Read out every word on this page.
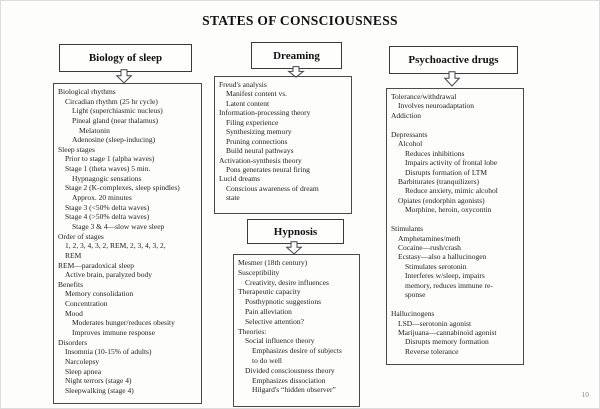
STATES OF CONSCIOUSNESS
Biology of sleep
Biological rhythms
Circadian rhythm (25 hr cycle)
Light (superchiasmic nucleus)
Pineal gland (near thalamus)
Melatonin
Adenosine (sleep-inducing)
Sleep stages
Prior to stage 1 (alpha waves)
Stage 1 (theta waves) 5 min.
Hypnagogic sensations
Stage 2 (K-complexes, sleep spindles)
Approx. 20 minutes
Stage 3 (<50% delta waves)
Stage 4 (>50% delta waves)
Stage 3 & 4—slow wave sleep
Order of stages
1, 2, 3, 4, 3, 2, REM, 2, 3, 4, 3, 2,
REM
REM—paradoxical sleep
Active brain, paralyzed body
Benefits
Memory consolidation
Concentration
Mood
Moderates hunger/reduces obesity
Improves immune response
Disorders
Insomnia (10-15% of adults)
Narcolepsy
Sleep apnea
Night terrors (stage 4)
Sleepwalking (stage 4)
Dreaming
Freud's analysis
Manifest content vs.
Latent content
Information-processing theory
Filing experience
Synthesizing memory
Pruning connections
Build neural pathways
Activation-synthesis theory
Pons generates neural firing
Lucid dreams
Conscious awareness of dream
state
Hypnosis
Mesmer (18th century)
Susceptibility
Creativity, desire influences
Therapeutic capacity
Posthypnotic suggestions
Pain alleviation
Selective attention?
Theories:
Social influence theory
Emphasizes desire of subjects
to do well
Divided consciousness theory
Emphasizes dissociation
Hilgard's “hidden observer”
Psychoactive drugs
Tolerance/withdrawal
Involves neuroadaptation
Addiction

Depressants
Alcohol
Reduces inhibitions
Impairs activity of frontal lobe
Disrupts formation of LTM
Barbiturates (tranquilizers)
Reduce anxiety, mimic alcohol
Opiates (endorphin agonists)
Morphine, heroin, oxycontin

Stimulants
Amphetamines/meth
Cocaine—rush/crash
Ecstasy—also a hallucinogen
Stimulates serotonin
Interferes w/sleep, impairs
memory, reduces immune re-
sponse

Hallucinogens
LSD—serotonin agonist
Marijuana—cannabinoid agonist
Disrupts memory formation
Reverse tolerance
10
